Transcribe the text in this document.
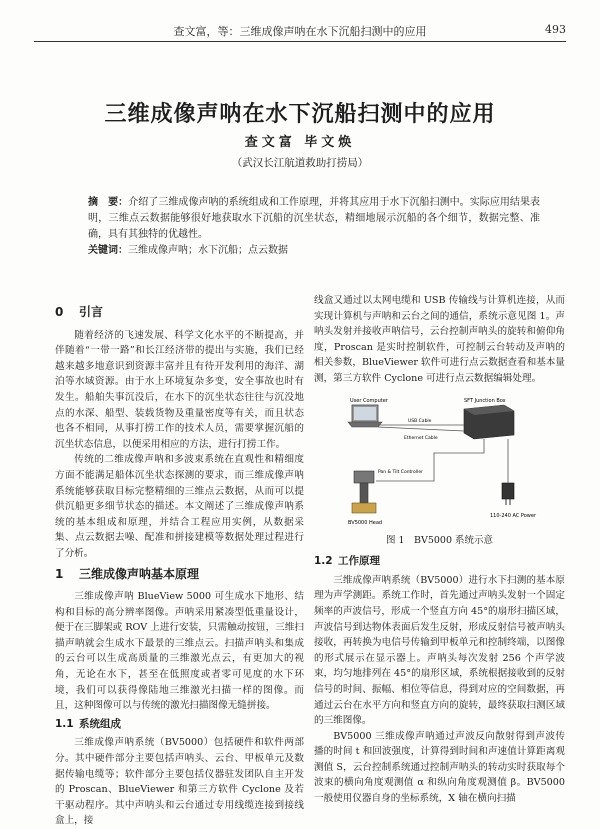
查文富，等：三维成像声呐在水下沉船扫测中的应用	493
三维成像声呐在水下沉船扫测中的应用
查文富 毕文焕
（武汉长江航道救助打捞局）
摘　要：介绍了三维成像声呐的系统组成和工作原理，并将其应用于水下沉船扫测中。实际应用结果表明，三维点云数据能够很好地获取水下沉船的沉坐状态，精细地展示沉船的各个细节，数据完整、准确，具有其独特的优越性。
关键词：三维成像声呐；水下沉船；点云数据
0 引言

随着经济的飞速发展、科学文化水平的不断提高，并伴随着“一带一路”和长江经济带的提出与实施，我们已经越来越多地意识到资源丰富并且有待开发利用的海洋、湖泊等水域资源。由于水上环境复杂多变，安全事故也时有发生。船舶失事沉没后，在水下的沉坐状态往往与沉没地点的水深、船型、装载货物及重量密度等有关，而且状态也各不相同，从事打捞工作的技术人员，需要掌握沉船的沉坐状态信息，以便采用相应的方法，进行打捞工作。

传统的二维成像声呐和多波束系统在直观性和精细度方面不能满足船体沉坐状态探测的要求，而三维成像声呐系统能够获取目标完整精细的三维点云数据，从而可以提供沉船更多细节状态的描述。本文阐述了三维成像声呐系统的基本组成和原理，并结合工程应用实例，从数据采集、点云数据去噪、配准和拼接建模等数据处理过程进行了分析。

1 三维成像声呐基本原理

三维成像声呐 BlueView 5000 可生成水下地形、结构和目标的高分辨率图像。声呐采用紧凑型低重量设计，便于在三脚架或 ROV 上进行安装，只需触动按钮，三维扫描声呐就会生成水下最景的三维点云。扫描声呐头和集成的云台可以生成高质量的三维激光点云，有更加大的视角，无论在水下，甚至在低照度或者零可见度的水下环境，我们可以获得像陆地三维激光扫描一样的图像。而且，这种图像可以与传统的激光扫描图像无缝拼接。

1.1 系统组成

三维成像声呐系统（BV5000）包括硬件和软件两部分。其中硬件部分主要包括声呐头、云台、甲板单元及数据传输电缆等；软件部分主要包括仪器驻发团队自主开发的 Proscan、BlueViewer 和第三方软件 Cyclone 及若干驱动程序。其中声呐头和云台通过专用线缆连接到接线盒上，接

线盒又通过以太网电缆和 USB 传输线与计算机连接，从而实现计算机与声呐和云台之间的通信，系统示意见图 1。声呐头发射并接收声呐信号，云台控制声呐头的旋转和俯仰角度，Proscan 是实时控制软件，可控制云台转动及声呐的相关参数，BlueViewer 软件可进行点云数据查看和基本量测，第三方软件 Cyclone 可进行点云数据编辑处理。

User Computer	SFT Junction Box
USB Cable
Ethernet Cable
Pan & Tilt Controller
BV5000 Head
110-240 AC Power
图 1　BV5000 系统示意
1.2 工作原理

三维成像声呐系统（BV5000）进行水下扫测的基本原理为声学测距。系统工作时，首先通过声呐头发射一个固定频率的声波信号，形成一个竖直方向 45°的扇形扫描区域，声波信号到达物体表面后发生反射，形成反射信号被声呐头接收，再转换为电信号传输到甲板单元和控制终端，以图像的形式展示在显示器上。声呐头每次发射 256 个声学波束，均匀地排列在 45°的扇形区域，系统根据接收到的反射信号的时间、振幅、相位等信息，得到对应的空间数据，再通过云台在水平方向和竖直方向的旋转，最终获取扫测区域的三维图像。

BV5000 三维成像声呐通过声波反向散射得到声波传播的时间 t 和回波强度，计算得到时间和声速值计算距离观测值 S，云台控制系统通过控制声呐头的转动实时获取每个波束的横向角度观测值 α 和纵向角度观测值 β。BV5000 一般使用仪器自身的坐标系统，X 轴在横向扫描
